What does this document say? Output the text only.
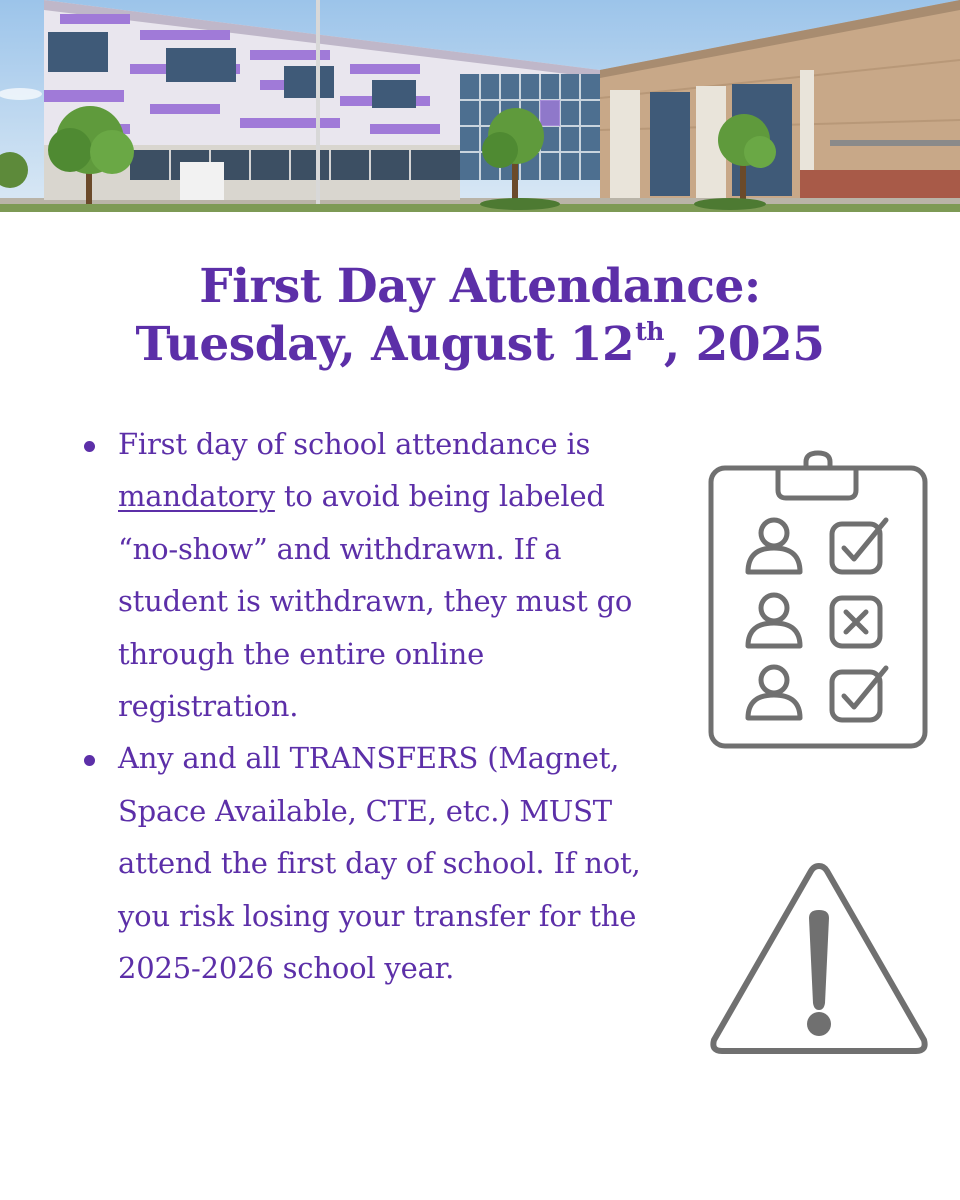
First Day Attendance:
Tuesday, August 12th, 2025
First day of school attendance is mandatory to avoid being labeled “no-show” and withdrawn. If a student is withdrawn, they must go through the entire online registration.
Any and all TRANSFERS (Magnet, Space Available, CTE, etc.) MUST attend the first day of school. If not, you risk losing your transfer for the 2025-2026 school year.
